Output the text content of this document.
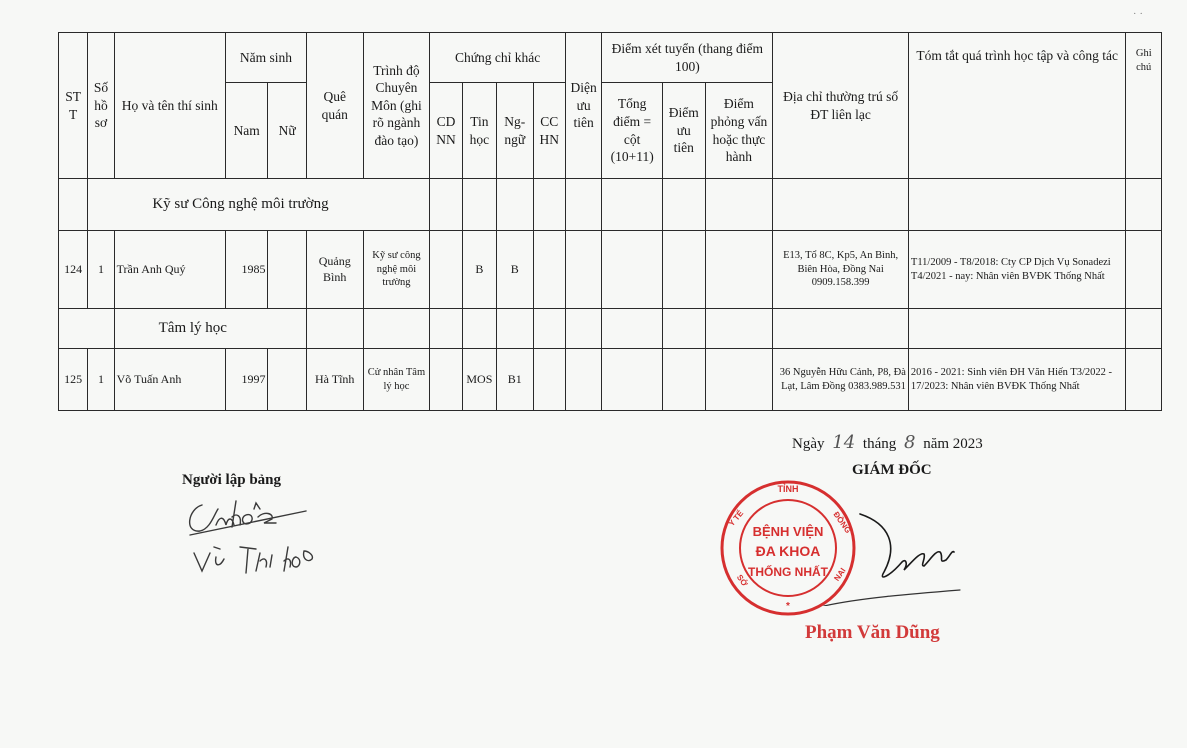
· ·
ST T	Số hồ sơ	Họ và tên thí sinh	Năm sinh		Quê quán	Trình độ Chuyên Môn (ghi rõ ngành đào tạo)	Chứng chỉ khác				Diện ưu tiên	Điểm xét tuyển (thang điểm 100)			Địa chỉ thường trú số ĐT liên lạc	Tóm tắt quá trình học tập và công tác	Ghi chú
			Nam	Nữ			CD NN	Tin học	Ng- ngữ	CC HN		Tổng điểm = cột (10+11)	Điểm ưu tiên	Điểm phỏng vấn hoặc thực hành			
	Kỹ sư Công nghệ môi trường																
124	1	Trần Anh Quý	1985		Quảng Bình	Kỹ sư công nghệ môi trường		B	B						E13, Tổ 8C, Kp5, An Bình, Biên Hòa, Đồng Nai 0909.158.399	T11/2009 - T8/2018: Cty CP Dịch Vụ Sonadezi T4/2021 - nay: Nhân viên BVĐK Thống Nhất	
		Tâm lý học															
125	1	Võ Tuấn Anh	1997		Hà Tĩnh	Cử nhân Tâm lý học		MOS	B1						36 Nguyễn Hữu Cảnh, P8, Đà Lạt, Lâm Đồng 0383.989.531	2016 - 2021: Sinh viên ĐH Văn Hiến T3/2022 - 17/2023: Nhân viên BVĐK Thống Nhất	
Ngày 14 tháng 8 năm 2023
GIÁM ĐỐC
Người lập bảng
TỈNH
BỆNH VIỆN
ĐA KHOA
THỐNG NHẤT
*
Y TẾ
SỞ
ĐỒNG
NAI
Phạm Văn Dũng
